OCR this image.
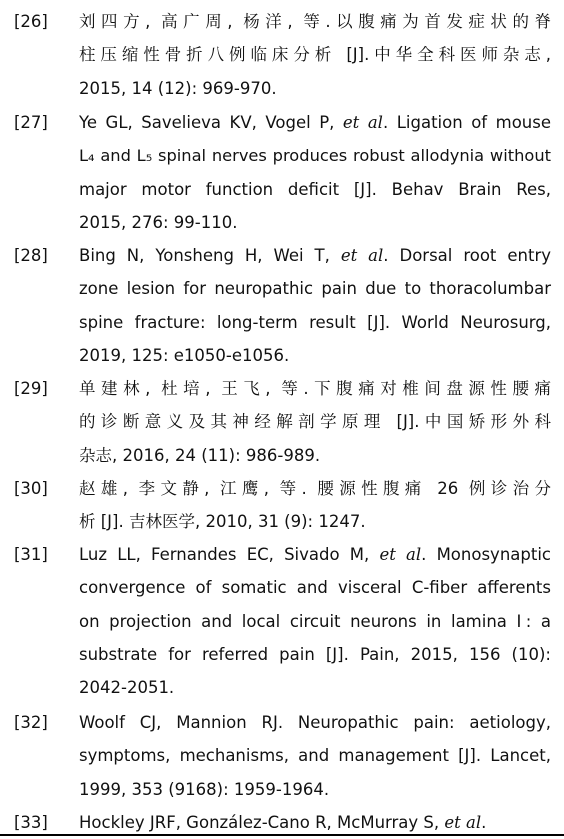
[26]	刘四方, 高广周, 杨洋, 等.以腹痛为首发症状的脊
柱压缩性骨折八例临床分析 [J].中华全科医师杂志,
2015, 14 (12): 969-970.
[27]	Ye GL, Savelieva KV, Vogel P, et al. Ligation of mouse
L₄ and L₅ spinal nerves produces robust allodynia without
major motor function deficit [J]. Behav Brain Res,
2015, 276: 99-110.
[28]	Bing N, Yonsheng H, Wei T, et al. Dorsal root entry
zone lesion for neuropathic pain due to thoracolumbar
spine fracture: long-term result [J]. World Neurosurg,
2019, 125: e1050-e1056.
[29]	单建林, 杜培, 王飞, 等.下腹痛对椎间盘源性腰痛
的诊断意义及其神经解剖学原理 [J].中国矫形外科
杂志, 2016, 24 (11): 986-989.
[30]	赵雄, 李文静, 江鹰, 等. 腰源性腹痛 26 例诊治分
析 [J]. 吉林医学, 2010, 31 (9): 1247.
[31]	Luz LL, Fernandes EC, Sivado M, et al. Monosynaptic
convergence of somatic and visceral C-fiber afferents
on projection and local circuit neurons in lamina Ⅰ: a
substrate for referred pain [J]. Pain, 2015, 156 (10):
2042-2051.
[32]	Woolf CJ, Mannion RJ. Neuropathic pain: aetiology,
symptoms, mechanisms, and management [J]. Lancet,
1999, 353 (9168): 1959-1964.
[33]	Hockley JRF, González-Cano R, McMurray S, et al.
